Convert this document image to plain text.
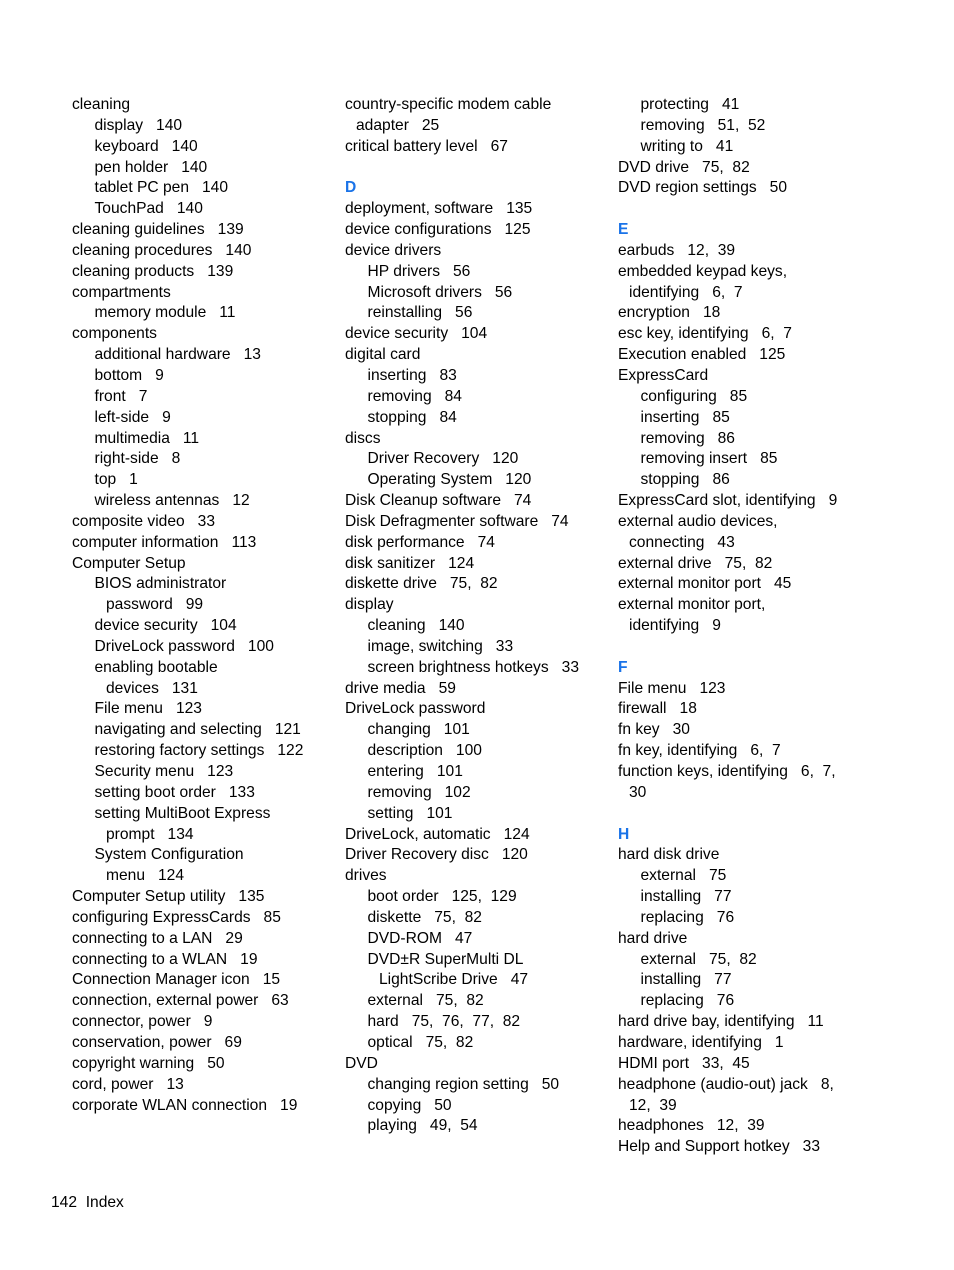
cleaning
display   140
keyboard   140
pen holder   140
tablet PC pen   140
TouchPad   140
cleaning guidelines   139
cleaning procedures   140
cleaning products   139
compartments
memory module   11
components
additional hardware   13
bottom   9
front   7
left-side   9
multimedia   11
right-side   8
top   1
wireless antennas   12
composite video   33
computer information   113
Computer Setup
BIOS administrator
password   99
device security   104
DriveLock password   100
enabling bootable
devices   131
File menu   123
navigating and selecting   121
restoring factory settings   122
Security menu   123
setting boot order   133
setting MultiBoot Express
prompt   134
System Configuration
menu   124
Computer Setup utility   135
configuring ExpressCards   85
connecting to a LAN   29
connecting to a WLAN   19
Connection Manager icon   15
connection, external power   63
connector, power   9
conservation, power   69
copyright warning   50
cord, power   13
corporate WLAN connection   19
country-specific modem cable
adapter   25
critical battery level   67
D
deployment, software   135
device configurations   125
device drivers
HP drivers   56
Microsoft drivers   56
reinstalling   56
device security   104
digital card
inserting   83
removing   84
stopping   84
discs
Driver Recovery   120
Operating System   120
Disk Cleanup software   74
Disk Defragmenter software   74
disk performance   74
disk sanitizer   124
diskette drive   75,  82
display
cleaning   140
image, switching   33
screen brightness hotkeys   33
drive media   59
DriveLock password
changing   101
description   100
entering   101
removing   102
setting   101
DriveLock, automatic   124
Driver Recovery disc   120
drives
boot order   125,  129
diskette   75,  82
DVD-ROM   47
DVD±R SuperMulti DL
LightScribe Drive   47
external   75,  82
hard   75,  76,  77,  82
optical   75,  82
DVD
changing region setting   50
copying   50
playing   49,  54
protecting   41
removing   51,  52
writing to   41
DVD drive   75,  82
DVD region settings   50
E
earbuds   12,  39
embedded keypad keys,
identifying   6,  7
encryption   18
esc key, identifying   6,  7
Execution enabled   125
ExpressCard
configuring   85
inserting   85
removing   86
removing insert   85
stopping   86
ExpressCard slot, identifying   9
external audio devices,
connecting   43
external drive   75,  82
external monitor port   45
external monitor port,
identifying   9
F
File menu   123
firewall   18
fn key   30
fn key, identifying   6,  7
function keys, identifying   6,  7,
30
H
hard disk drive
external   75
installing   77
replacing   76
hard drive
external   75,  82
installing   77
replacing   76
hard drive bay, identifying   11
hardware, identifying   1
HDMI port   33,  45
headphone (audio-out) jack   8,
12,  39
headphones   12,  39
Help and Support hotkey   33
142 Index
